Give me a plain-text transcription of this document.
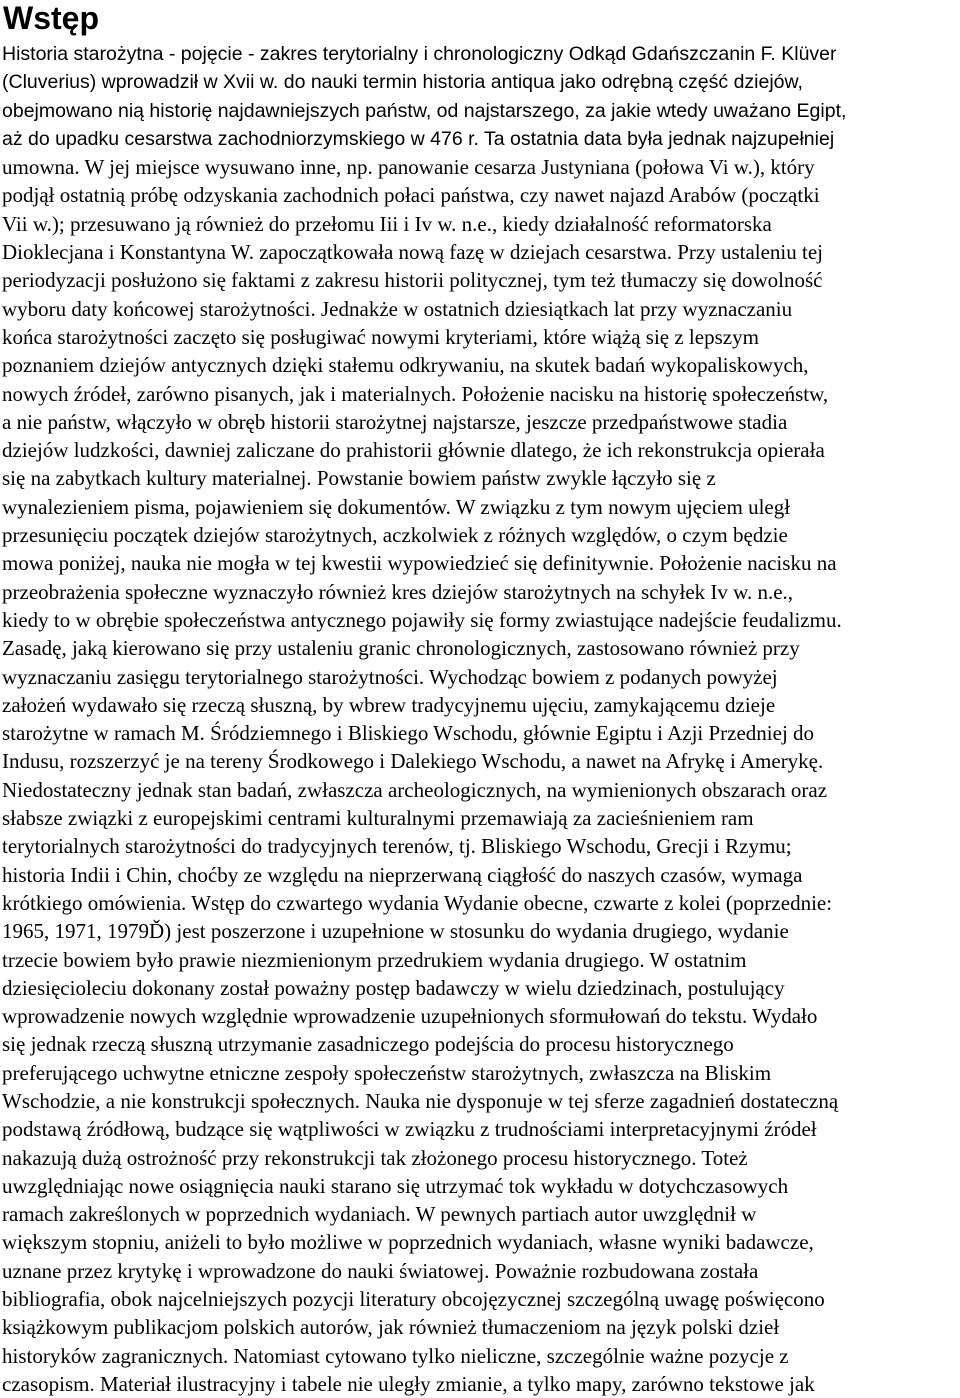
Wstęp
Historia starożytna - pojęcie - zakres terytorialny i chronologiczny Odkąd Gdańszczanin F. Klüver
(Cluverius) wprowadził w Xvii w. do nauki termin historia antiqua jako odrębną część dziejów,
obejmowano nią historię najdawniejszych państw, od najstarszego, za jakie wtedy uważano Egipt,
aż do upadku cesarstwa zachodniorzymskiego w 476 r. Ta ostatnia data była jednak najzupełniej
umowna. W jej miejsce wysuwano inne, np. panowanie cesarza Justyniana (połowa Vi w.), który
podjął ostatnią próbę odzyskania zachodnich połaci państwa, czy nawet najazd Arabów (początki
Vii w.); przesuwano ją również do przełomu Iii i Iv w. n.e., kiedy działalność reformatorska
Dioklecjana i Konstantyna W. zapoczątkowała nową fazę w dziejach cesarstwa. Przy ustaleniu tej
periodyzacji posłużono się faktami z zakresu historii politycznej, tym też tłumaczy się dowolność
wyboru daty końcowej starożytności. Jednakże w ostatnich dziesiątkach lat przy wyznaczaniu
końca starożytności zaczęto się posługiwać nowymi kryteriami, które wiążą się z lepszym
poznaniem dziejów antycznych dzięki stałemu odkrywaniu, na skutek badań wykopaliskowych,
nowych źródeł, zarówno pisanych, jak i materialnych. Położenie nacisku na historię społeczeństw,
a nie państw, włączyło w obręb historii starożytnej najstarsze, jeszcze przedpaństwowe stadia
dziejów ludzkości, dawniej zaliczane do prahistorii głównie dlatego, że ich rekonstrukcja opierała
się na zabytkach kultury materialnej. Powstanie bowiem państw zwykle łączyło się z
wynalezieniem pisma, pojawieniem się dokumentów. W związku z tym nowym ujęciem uległ
przesunięciu początek dziejów starożytnych, aczkolwiek z różnych względów, o czym będzie
mowa poniżej, nauka nie mogła w tej kwestii wypowiedzieć się definitywnie. Położenie nacisku na
przeobrażenia społeczne wyznaczyło również kres dziejów starożytnych na schyłek Iv w. n.e.,
kiedy to w obrębie społeczeństwa antycznego pojawiły się formy zwiastujące nadejście feudalizmu.
Zasadę, jaką kierowano się przy ustaleniu granic chronologicznych, zastosowano również przy
wyznaczaniu zasięgu terytorialnego starożytności. Wychodząc bowiem z podanych powyżej
założeń wydawało się rzeczą słuszną, by wbrew tradycyjnemu ujęciu, zamykającemu dzieje
starożytne w ramach M. Śródziemnego i Bliskiego Wschodu, głównie Egiptu i Azji Przedniej do
Indusu, rozszerzyć je na tereny Środkowego i Dalekiego Wschodu, a nawet na Afrykę i Amerykę.
Niedostateczny jednak stan badań, zwłaszcza archeologicznych, na wymienionych obszarach oraz
słabsze związki z europejskimi centrami kulturalnymi przemawiają za zacieśnieniem ram
terytorialnych starożytności do tradycyjnych terenów, tj. Bliskiego Wschodu, Grecji i Rzymu;
historia Indii i Chin, choćby ze względu na nieprzerwaną ciągłość do naszych czasów, wymaga
krótkiego omówienia. Wstęp do czwartego wydania Wydanie obecne, czwarte z kolei (poprzednie:
1965, 1971, 1979Ď) jest poszerzone i uzupełnione w stosunku do wydania drugiego, wydanie
trzecie bowiem było prawie niezmienionym przedrukiem wydania drugiego. W ostatnim
dziesięcioleciu dokonany został poważny postęp badawczy w wielu dziedzinach, postulujący
wprowadzenie nowych względnie wprowadzenie uzupełnionych sformułowań do tekstu. Wydało
się jednak rzeczą słuszną utrzymanie zasadniczego podejścia do procesu historycznego
preferującego uchwytne etniczne zespoły społeczeństw starożytnych, zwłaszcza na Bliskim
Wschodzie, a nie konstrukcji społecznych. Nauka nie dysponuje w tej sferze zagadnień dostateczną
podstawą źródłową, budzące się wątpliwości w związku z trudnościami interpretacyjnymi źródeł
nakazują dużą ostrożność przy rekonstrukcji tak złożonego procesu historycznego. Toteż
uwzględniając nowe osiągnięcia nauki starano się utrzymać tok wykładu w dotychczasowych
ramach zakreślonych w poprzednich wydaniach. W pewnych partiach autor uwzględnił w
większym stopniu, aniżeli to było możliwe w poprzednich wydaniach, własne wyniki badawcze,
uznane przez krytykę i wprowadzone do nauki światowej. Poważnie rozbudowana została
bibliografia, obok najcelniejszych pozycji literatury obcojęzycznej szczególną uwagę poświęcono
książkowym publikacjom polskich autorów, jak również tłumaczeniom na język polski dzieł
historyków zagranicznych. Natomiast cytowano tylko nieliczne, szczególnie ważne pozycje z
czasopism. Materiał ilustracyjny i tabele nie uległy zmianie, a tylko mapy, zarówno tekstowe jak
